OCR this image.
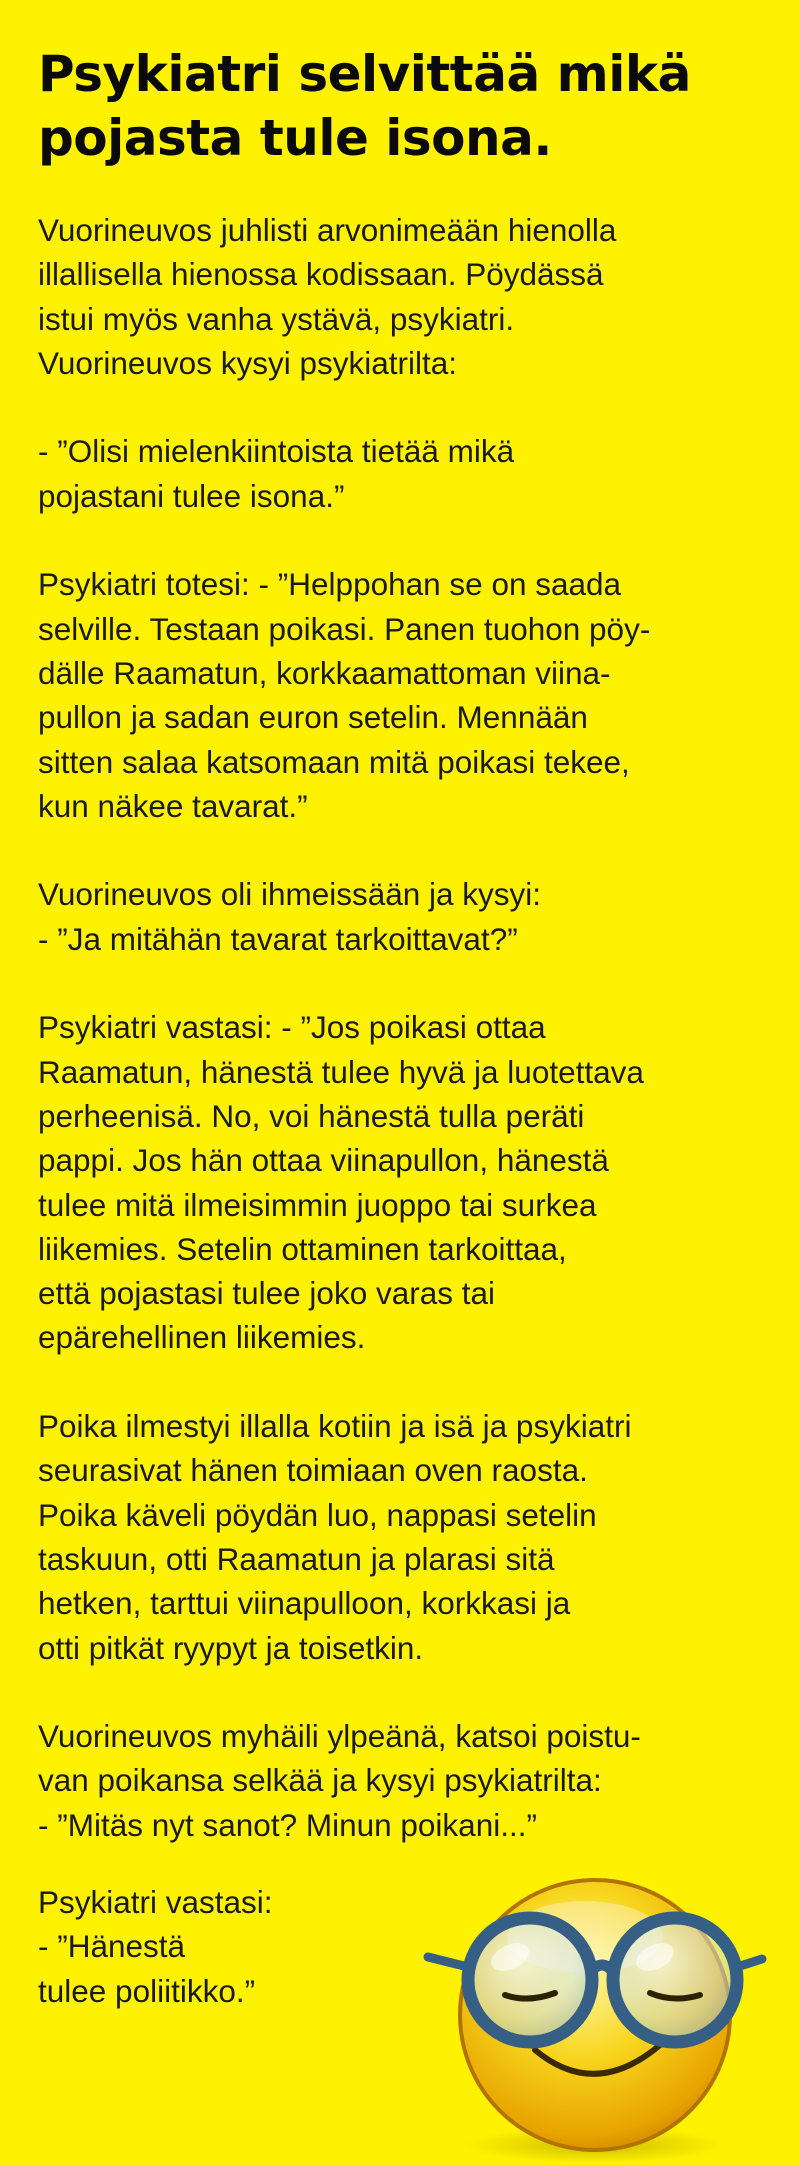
Psykiatri selvittää mikä
pojasta tule isona.
Vuorineuvos juhlisti arvonimeään hienolla
illallisella hienossa kodissaan. Pöydässä
istui myös vanha ystävä, psykiatri.
Vuorineuvos kysyi psykiatrilta:
- ”Olisi mielenkiintoista tietää mikä
pojastani tulee isona.”
Psykiatri totesi: - ”Helppohan se on saada
selville. Testaan poikasi. Panen tuohon pöy-
dälle Raamatun, korkkaamattoman viina-
pullon ja sadan euron setelin. Mennään
sitten salaa katsomaan mitä poikasi tekee,
kun näkee tavarat.”
Vuorineuvos oli ihmeissään ja kysyi:
- ”Ja mitähän tavarat tarkoittavat?”
Psykiatri vastasi: - ”Jos poikasi ottaa
Raamatun, hänestä tulee hyvä ja luotettava
perheenisä. No, voi hänestä tulla peräti
pappi. Jos hän ottaa viinapullon, hänestä
tulee mitä ilmeisimmin juoppo tai surkea
liikemies. Setelin ottaminen tarkoittaa,
että pojastasi tulee joko varas tai
epärehellinen liikemies.
Poika ilmestyi illalla kotiin ja isä ja psykiatri
seurasivat hänen toimiaan oven raosta.
Poika käveli pöydän luo, nappasi setelin
taskuun, otti Raamatun ja plarasi sitä
hetken, tarttui viinapulloon, korkkasi ja
otti pitkät ryypyt ja toisetkin.
Vuorineuvos myhäili ylpeänä, katsoi poistu-
van poikansa selkää ja kysyi psykiatrilta:
- ”Mitäs nyt sanot? Minun poikani...”
Psykiatri vastasi:
- ”Hänestä
tulee poliitikko.”
